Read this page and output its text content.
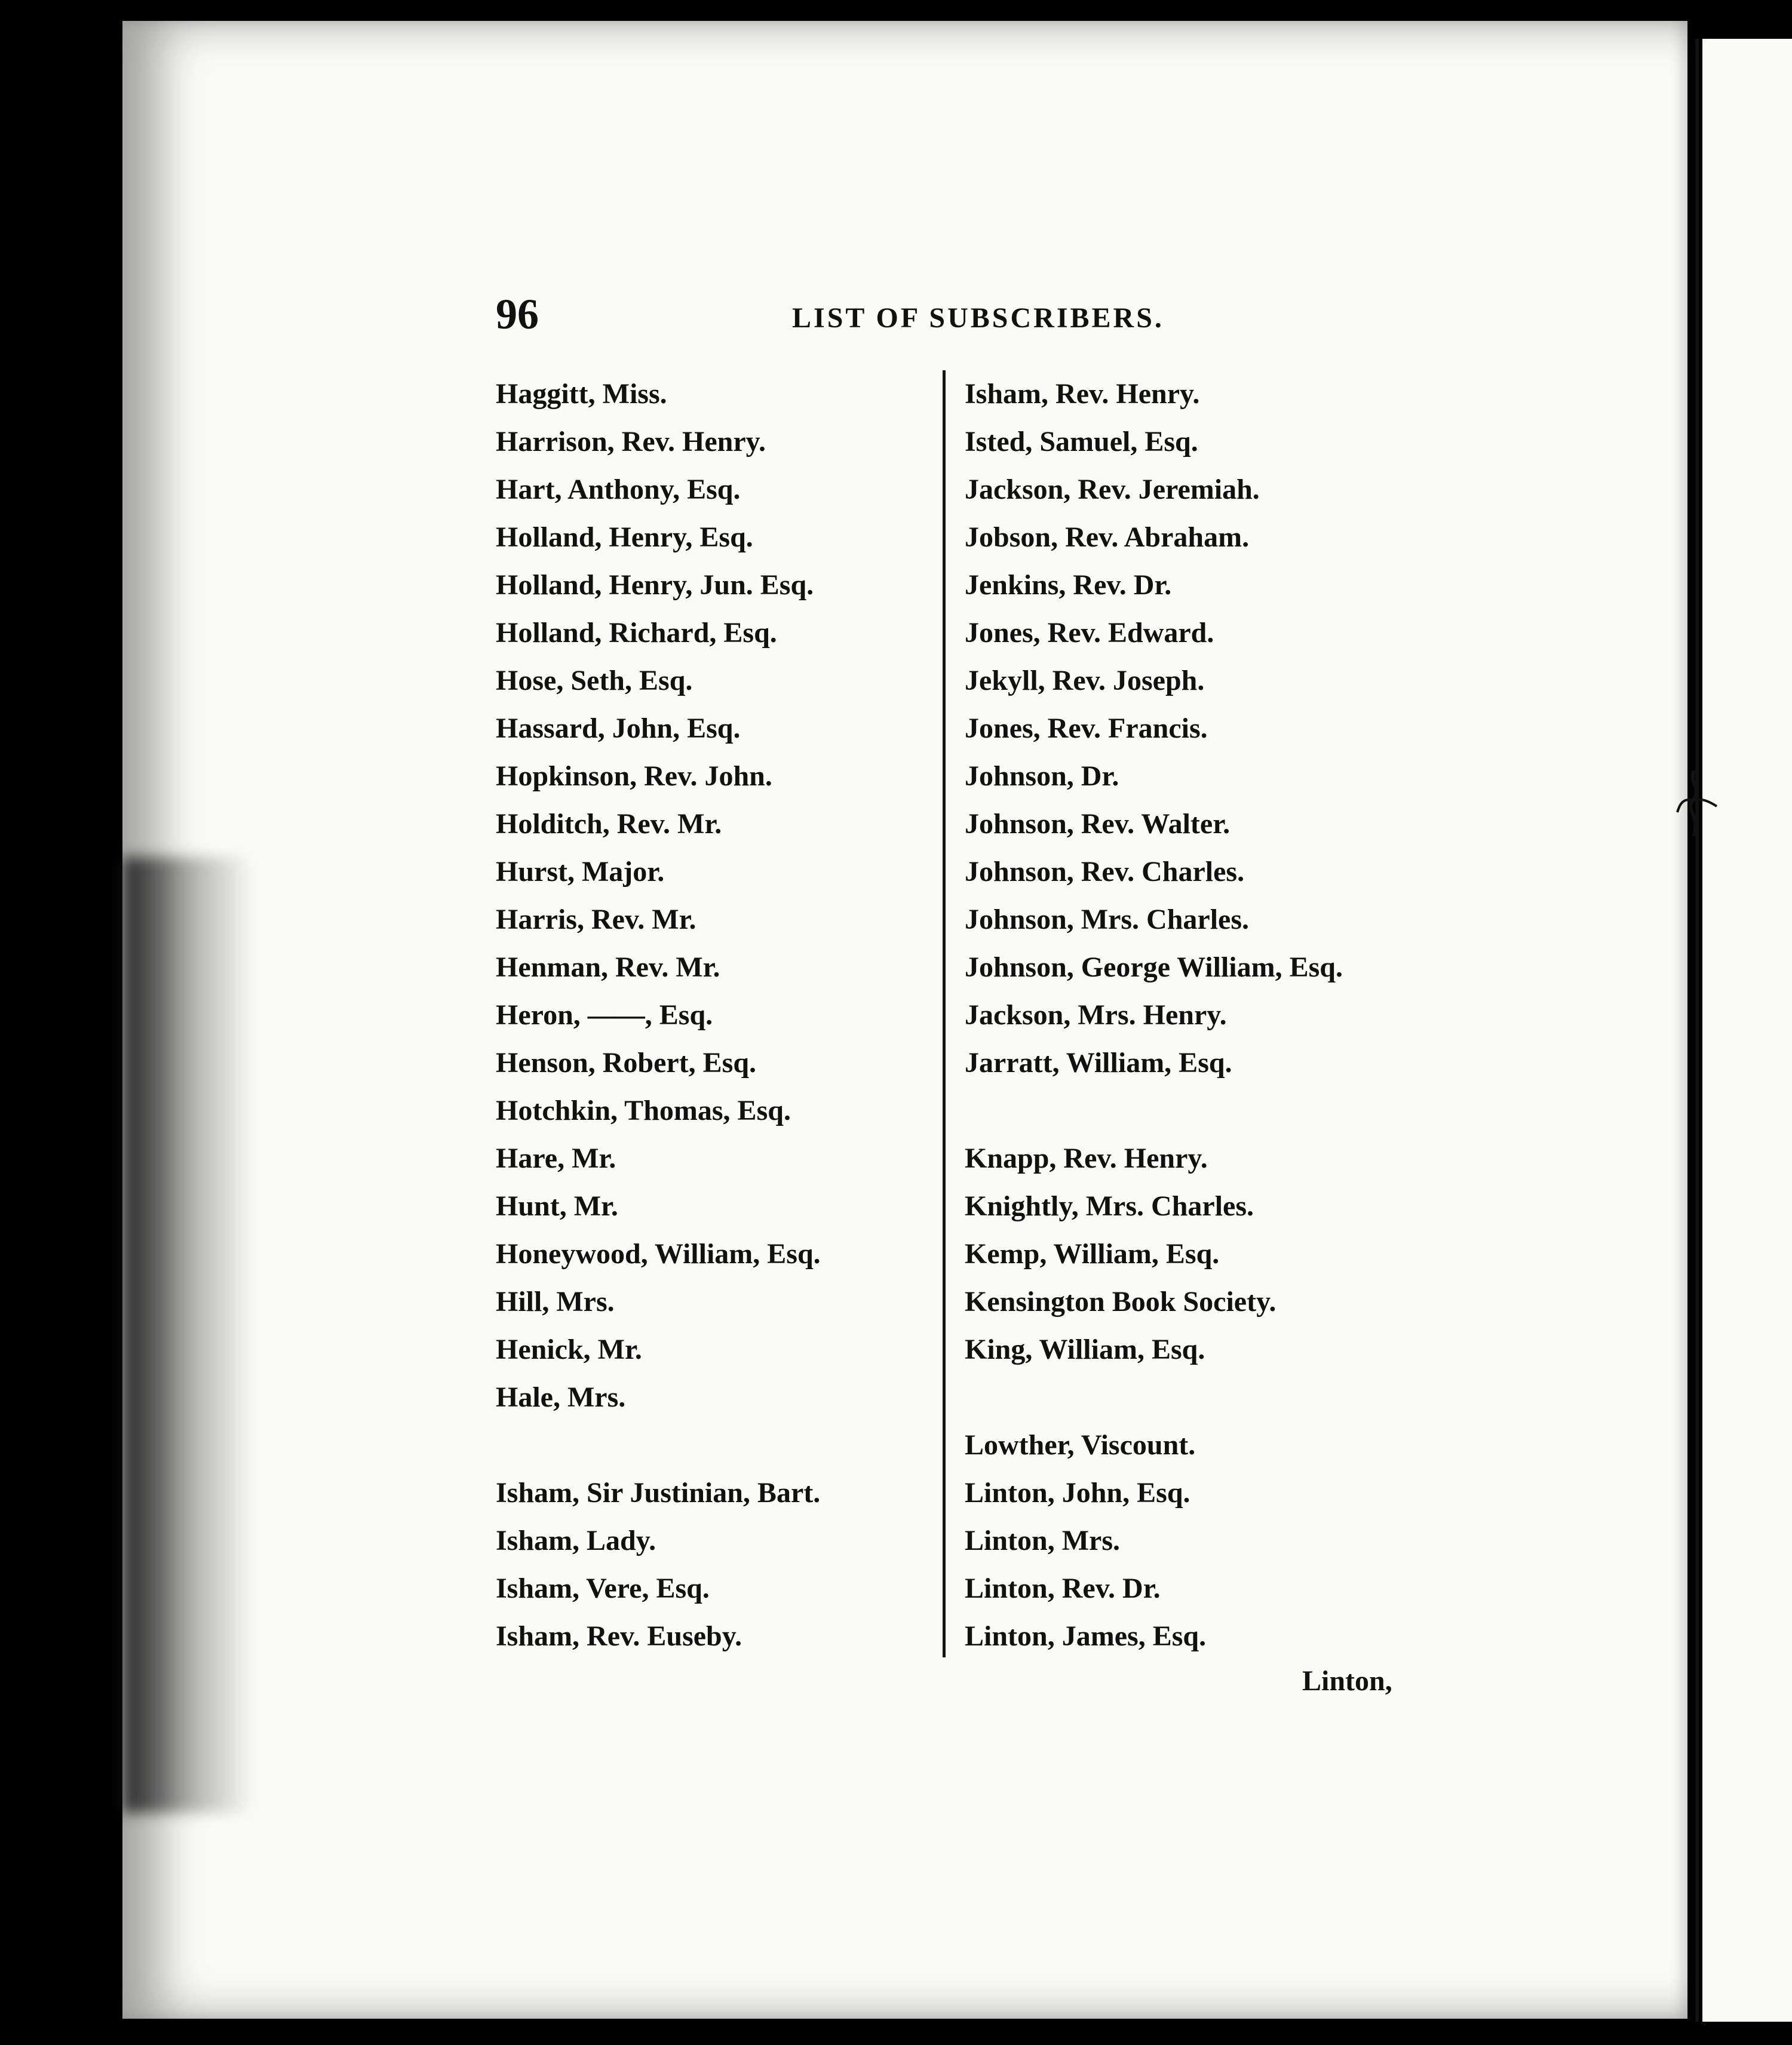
96	LIST OF SUBSCRIBERS.
Haggitt, Miss.
Harrison, Rev. Henry.
Hart, Anthony, Esq.
Holland, Henry, Esq.
Holland, Henry, Jun. Esq.
Holland, Richard, Esq.
Hose, Seth, Esq.
Hassard, John, Esq.
Hopkinson, Rev. John.
Holditch, Rev. Mr.
Hurst, Major.
Harris, Rev. Mr.
Henman, Rev. Mr.
Heron, ——, Esq.
Henson, Robert, Esq.
Hotchkin, Thomas, Esq.
Hare, Mr.
Hunt, Mr.
Honeywood, William, Esq.
Hill, Mrs.
Henick, Mr.
Hale, Mrs.
Isham, Sir Justinian, Bart.
Isham, Lady.
Isham, Vere, Esq.
Isham, Rev. Euseby.
Isham, Rev. Henry.
Isted, Samuel, Esq.
Jackson, Rev. Jeremiah.
Jobson, Rev. Abraham.
Jenkins, Rev. Dr.
Jones, Rev. Edward.
Jekyll, Rev. Joseph.
Jones, Rev. Francis.
Johnson, Dr.
Johnson, Rev. Walter.
Johnson, Rev. Charles.
Johnson, Mrs. Charles.
Johnson, George William, Esq.
Jackson, Mrs. Henry.
Jarratt, William, Esq.
Knapp, Rev. Henry.
Knightly, Mrs. Charles.
Kemp, William, Esq.
Kensington Book Society.
King, William, Esq.
Lowther, Viscount.
Linton, John, Esq.
Linton, Mrs.
Linton, Rev. Dr.
Linton, James, Esq.
Linton,
